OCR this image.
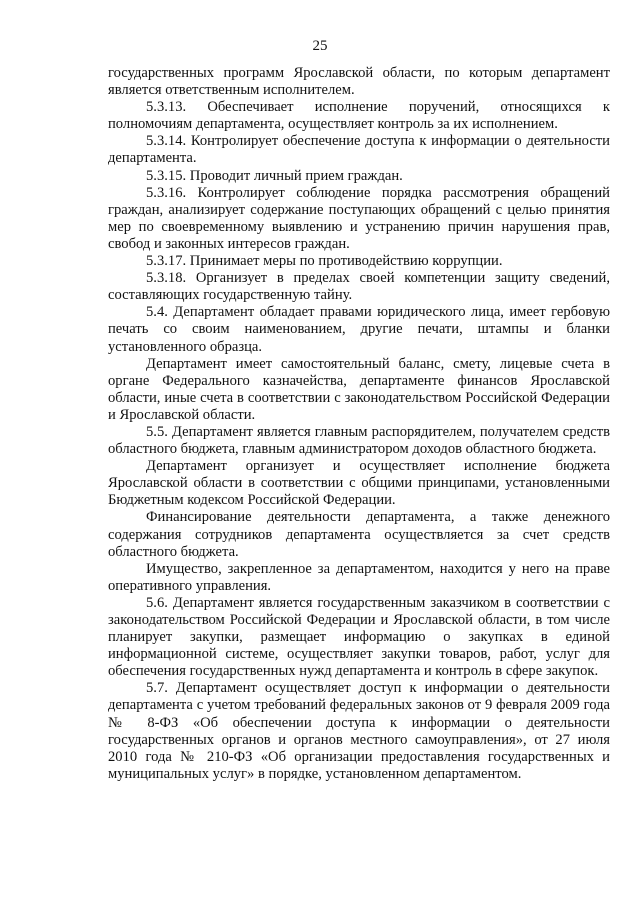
25

государственных программ Ярославской области, по которым департамент является ответственным исполнителем.

5.3.13. Обеспечивает исполнение поручений, относящихся к полномочиям департамента, осуществляет контроль за их исполнением.

5.3.14. Контролирует обеспечение доступа к информации о деятельности департамента.

5.3.15. Проводит личный прием граждан.

5.3.16. Контролирует соблюдение порядка рассмотрения обращений граждан, анализирует содержание поступающих обращений с целью принятия мер по своевременному выявлению и устранению причин нарушения прав, свобод и законных интересов граждан.

5.3.17. Принимает меры по противодействию коррупции.

5.3.18. Организует в пределах своей компетенции защиту сведений, составляющих государственную тайну.

5.4. Департамент обладает правами юридического лица, имеет гербовую печать со своим наименованием, другие печати, штампы и бланки установленного образца.

Департамент имеет самостоятельный баланс, смету, лицевые счета в органе Федерального казначейства, департаменте финансов Ярославской области, иные счета в соответствии с законодательством Российской Федерации и Ярославской области.

5.5. Департамент является главным распорядителем, получателем средств областного бюджета, главным администратором доходов областного бюджета.

Департамент организует и осуществляет исполнение бюджета Ярославской области в соответствии с общими принципами, установленными Бюджетным кодексом Российской Федерации.

Финансирование деятельности департамента, а также денежного содержания сотрудников департамента осуществляется за счет средств областного бюджета.

Имущество, закрепленное за департаментом, находится у него на праве оперативного управления.

5.6. Департамент является государственным заказчиком в соответствии с законодательством Российской Федерации и Ярославской области, в том числе планирует закупки, размещает информацию о закупках в единой информационной системе, осуществляет закупки товаров, работ, услуг для обеспечения государственных нужд департамента и контроль в сфере закупок.

5.7. Департамент осуществляет доступ к информации о деятельности департамента с учетом требований федеральных законов от 9 февраля 2009 года № 8-ФЗ «Об обеспечении доступа к информации о деятельности государственных органов и органов местного самоуправления», от 27 июля 2010 года № 210-ФЗ «Об организации предоставления государственных и муниципальных услуг» в порядке, установленном департаментом.
